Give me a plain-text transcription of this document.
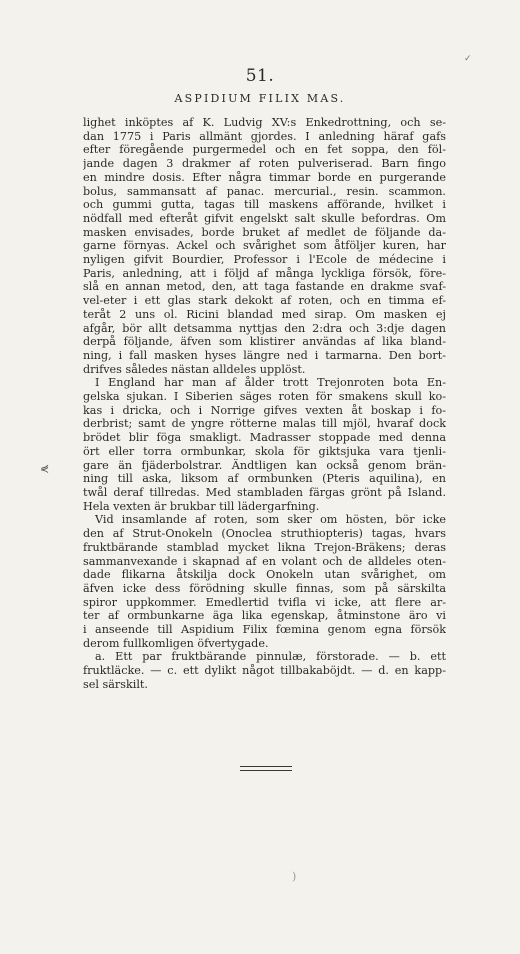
✓
51.
ASPIDIUM FILIX MAS.
⋞
lighet inköptes af K. Ludvig XV:s Enkedrottning, och se-
dan 1775 i Paris allmänt gjordes. I anledning häraf gafs
efter föregående purgermedel och en fet soppa, den föl-
jande dagen 3 drakmer af roten pulveriserad. Barn fingo
en mindre dosis. Efter några timmar borde en purgerande
bolus, sammansatt af panac. mercurial., resin. scammon.
och gummi gutta, tagas till maskens afförande, hvilket i
nödfall med efteråt gifvit engelskt salt skulle befordras. Om
masken envisades, borde bruket af medlet de följande da-
garne förnyas. Ackel och svårighet som åtföljer kuren, har
nyligen gifvit Bourdier, Professor i l'Ecole de médecine i
Paris, anledning, att i följd af många lyckliga försök, före-
slå en annan metod, den, att taga fastande en drakme svaf-
vel-eter i ett glas stark dekokt af roten, och en timma ef-
teråt 2 uns ol. Ricini blandad med sirap. Om masken ej
afgår, bör allt detsamma nyttjas den 2:dra och 3:dje dagen
derpå följande, äfven som klistirer användas af lika bland-
ning, i fall masken hyses längre ned i tarmarna. Den bort-
drifves således nästan alldeles upplöst.
I England har man af ålder trott Trejonroten bota En-
gelska sjukan. I Siberien säges roten för smakens skull ko-
kas i dricka, och i Norrige gifves vexten åt boskap i fo-
derbrist; samt de yngre rötterne malas till mjöl, hvaraf dock
brödet blir föga smakligt. Madrasser stoppade med denna
ört eller torra ormbunkar, skola för giktsjuka vara tjenli-
gare än fjäderbolstrar. Ändtligen kan också genom brän-
ning till aska, liksom af ormbunken (Pteris aquilina), en
twål deraf tillredas. Med stambladen färgas grönt på Island.
Hela vexten är brukbar till lädergarfning.
Vid insamlande af roten, som sker om hösten, bör icke
den af Strut-Onokeln (Onoclea struthiopteris) tagas, hvars
fruktbärande stamblad mycket likna Trejon-Bräkens; deras
sammanvexande i skapnad af en volant och de alldeles oten-
dade flikarna åtskilja dock Onokeln utan svårighet, om
äfven icke dess förödning skulle finnas, som på särskilta
spiror uppkommer. Emedlertid tvifla vi icke, att flere ar-
ter af ormbunkarne äga lika egenskap, åtminstone äro vi
i anseende till Aspidium Filix fœmina genom egna försök
derom fullkomligen öfvertygade.
a. Ett par fruktbärande pinnulæ, förstorade. — b. ett
fruktläcke. — c. ett dylikt något tillbakaböjdt. — d. en kapp-
sel särskilt.
)
